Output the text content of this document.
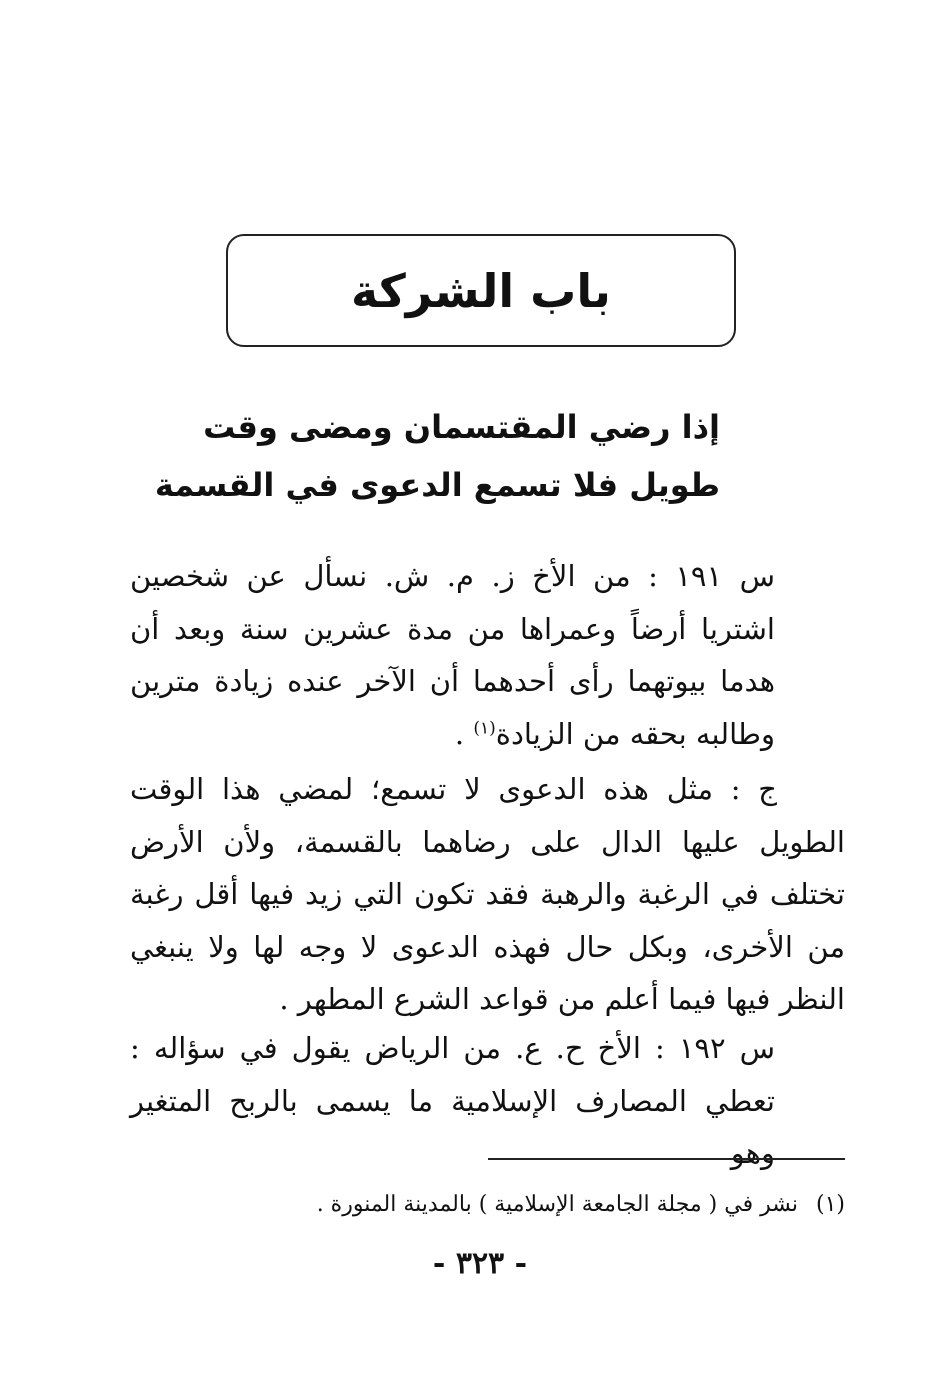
باب الشركة
إذا رضي المقتسمان ومضى وقت
طويل فلا تسمع الدعوى في القسمة
س ١٩١ : من الأخ ز. م. ش. نسأل عن شخصين اشتريا أرضاً وعمراها من مدة عشرين سنة وبعد أن هدما بيوتهما رأى أحدهما أن الآخر عنده زيادة مترين وطالبه بحقه من الزيادة$^{(١)}$ .
ج : مثل هذه الدعوى لا تسمع؛ لمضي هذا الوقت الطويل عليها الدال على رضاهما بالقسمة، ولأن الأرض تختلف في الرغبة والرهبة فقد تكون التي زيد فيها أقل رغبة من الأخرى، وبكل حال فهذه الدعوى لا وجه لها ولا ينبغي النظر فيها فيما أعلم من قواعد الشرع المطهر .
س ١٩٢ : الأخ ح. ع. من الرياض يقول في سؤاله : تعطي المصارف الإسلامية ما يسمى بالربح المتغير وهو
(١)نشر في ( مجلة الجامعة الإسلامية ) بالمدينة المنورة .
- ٣٢٣ -
